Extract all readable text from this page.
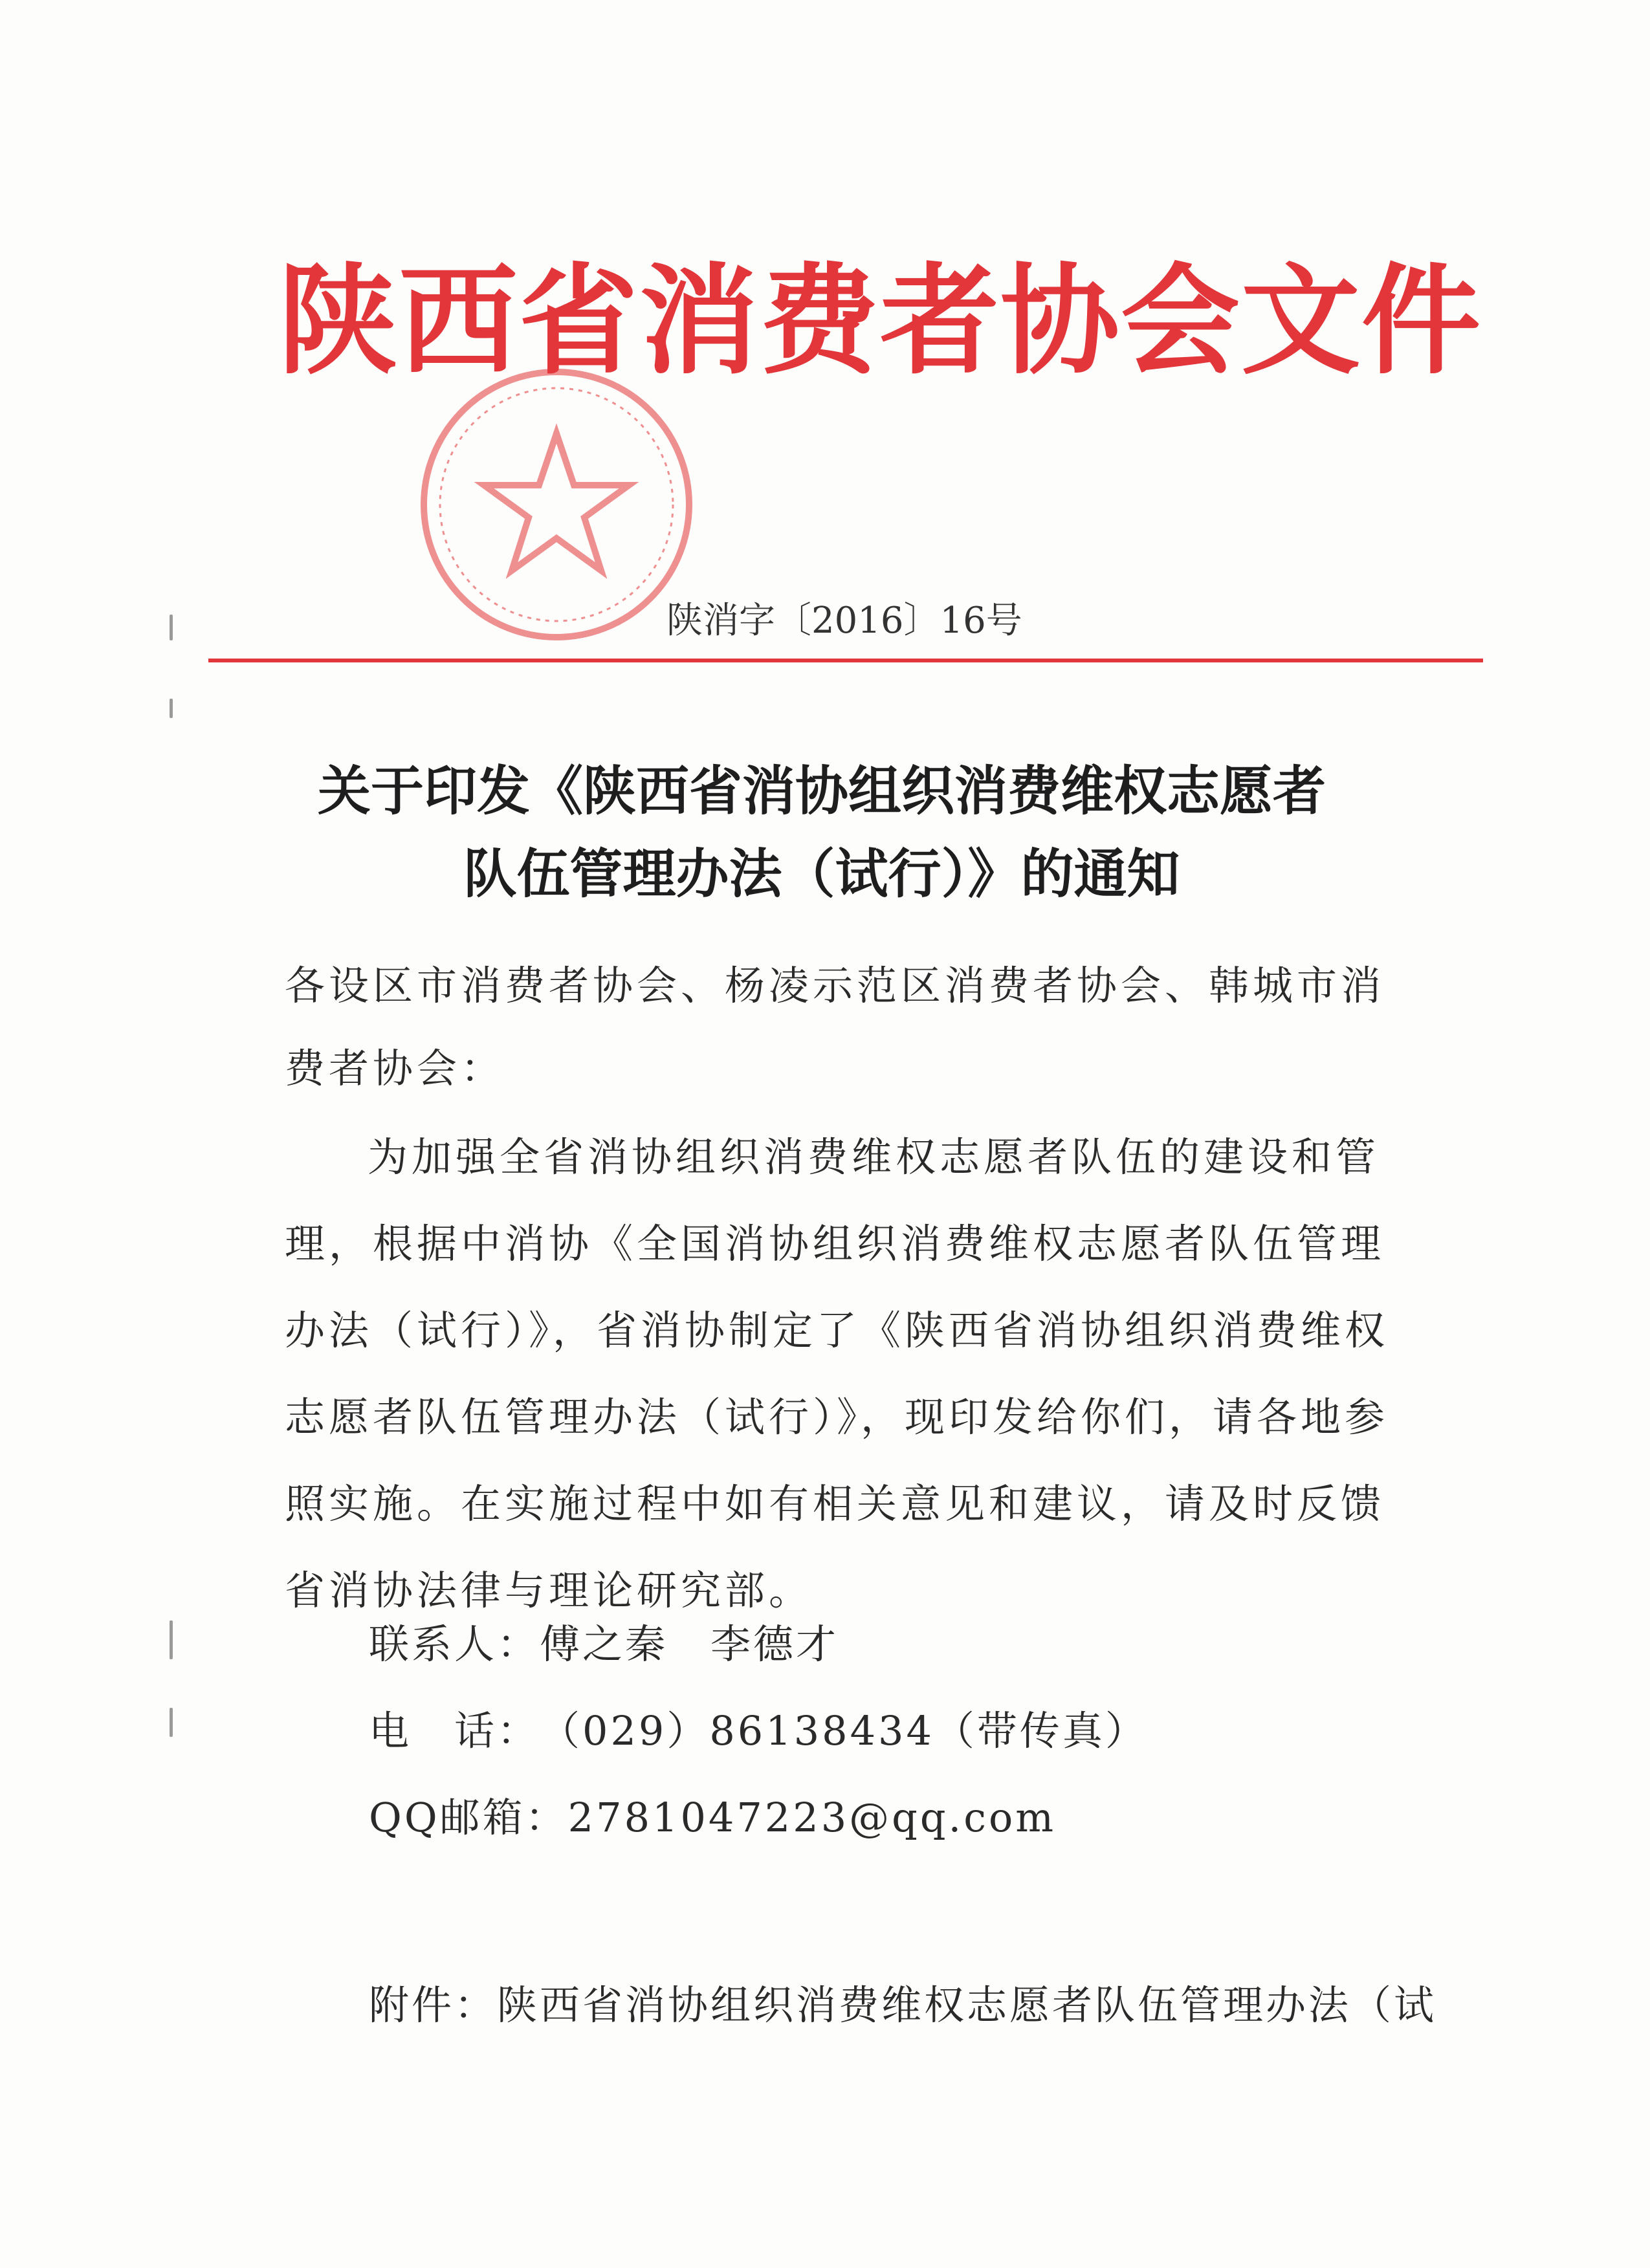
陕西省消费者协会文件
陕消字〔2016〕16号
关于印发《陕西省消协组织消费维权志愿者
队伍管理办法（试行）》的通知
各设区市消费者协会、杨凌示范区消费者协会、韩城市消费者协会：
为加强全省消协组织消费维权志愿者队伍的建设和管理，根据中消协《全国消协组织消费维权志愿者队伍管理办法（试行）》，省消协制定了《陕西省消协组织消费维权志愿者队伍管理办法（试行）》，现印发给你们，请各地参照实施。在实施过程中如有相关意见和建议，请及时反馈省消协法律与理论研究部。
联系人：傅之秦　李德才
电　话：（029）86138434（带传真）
QQ邮箱：2781047223@qq.com
附件：陕西省消协组织消费维权志愿者队伍管理办法（试
